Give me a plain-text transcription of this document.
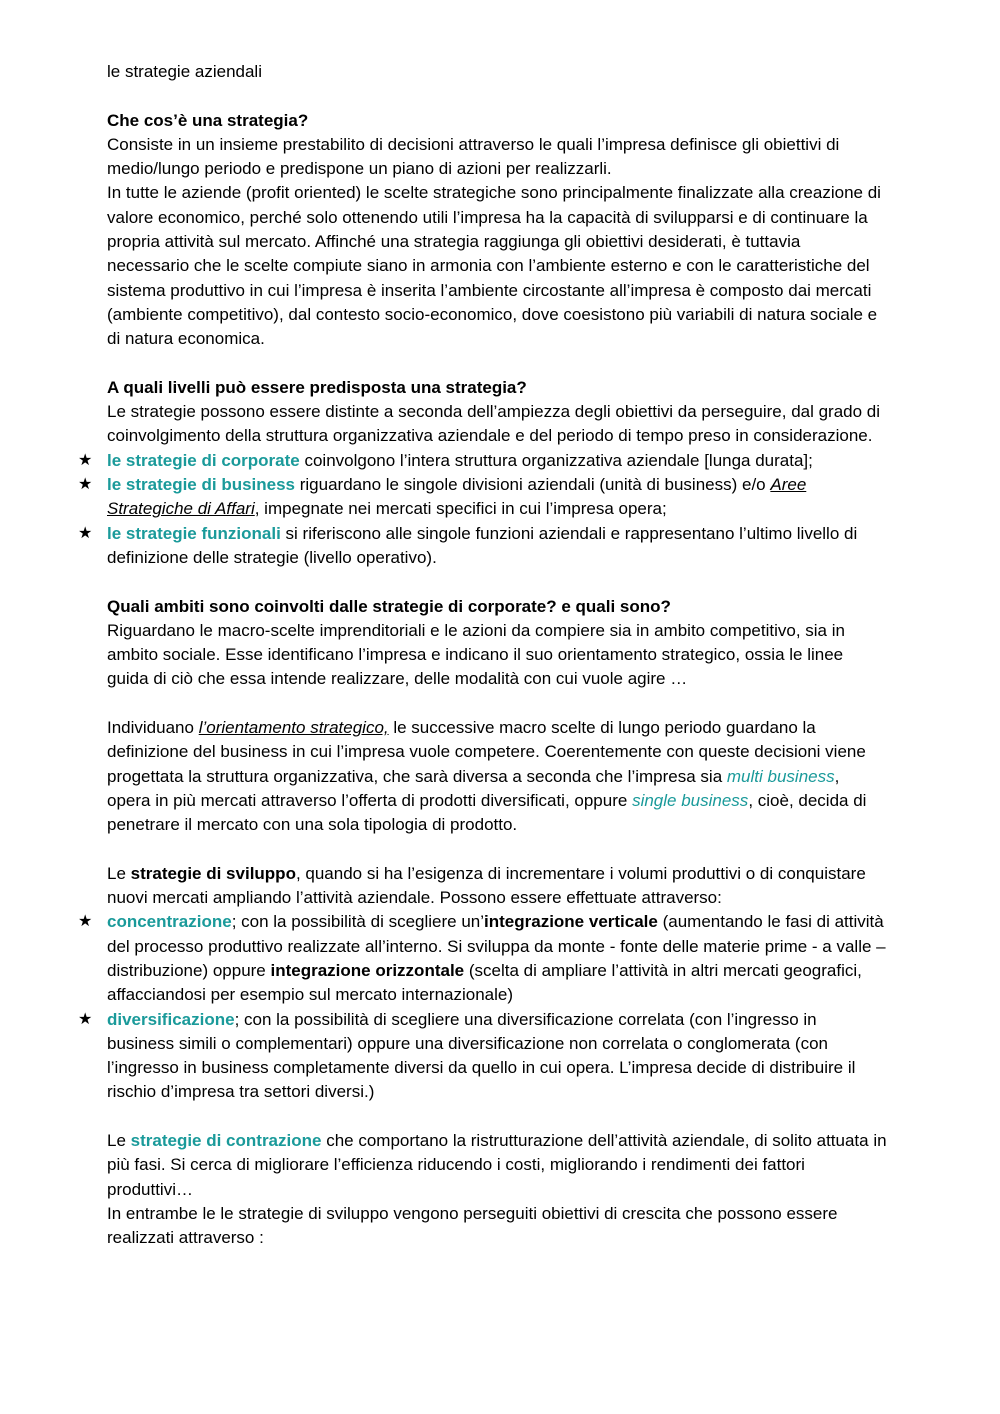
le strategie aziendali

Che cos’è una strategia?

Consiste in un insieme prestabilito di decisioni attraverso le quali l’impresa definisce gli obiettivi di medio/lungo periodo e predispone un piano di azioni per realizzarli.

In tutte le aziende (profit oriented) le scelte strategiche sono principalmente finalizzate alla creazione di valore economico, perché solo ottenendo utili l’impresa ha la capacità di svilupparsi e di continuare la propria attività sul mercato. Affinché una strategia raggiunga gli obiettivi desiderati, è tuttavia necessario che le scelte compiute siano in armonia con l’ambiente esterno e con le caratteristiche del sistema produttivo in cui l’impresa è inserita l’ambiente circostante all’impresa è composto dai mercati (ambiente competitivo), dal contesto socio-economico, dove coesistono più variabili di natura sociale e di natura economica.

A quali livelli può essere predisposta una strategia?

Le strategie possono essere distinte a seconda dell’ampiezza degli obiettivi da perseguire, dal grado di coinvolgimento della struttura organizzativa aziendale e del periodo di tempo preso in considerazione.

★ le strategie di corporate coinvolgono l’intera struttura organizzativa aziendale [lunga durata];

★ le strategie di business riguardano le singole divisioni aziendali (unità di business) e/o Aree Strategiche di Affari, impegnate nei mercati specifici in cui l’impresa opera;

★ le strategie funzionali si riferiscono alle singole funzioni aziendali e rappresentano l’ultimo livello di definizione delle strategie (livello operativo).

Quali ambiti sono coinvolti dalle strategie di corporate? e quali sono?

Riguardano le macro-scelte imprenditoriali e le azioni da compiere sia in ambito competitivo, sia in ambito sociale. Esse identificano l’impresa e indicano il suo orientamento strategico, ossia le linee guida di ciò che essa intende realizzare, delle modalità con cui vuole agire …

Individuano l’orientamento strategico, le successive macro scelte di lungo periodo guardano la definizione del business in cui l’impresa vuole competere. Coerentemente con queste decisioni viene progettata la struttura organizzativa, che sarà diversa a seconda che l’impresa sia multi business, opera in più mercati attraverso l’offerta di prodotti diversificati, oppure single business, cioè, decida di penetrare il mercato con una sola tipologia di prodotto.

Le strategie di sviluppo, quando si ha l’esigenza di incrementare i volumi produttivi o di conquistare nuovi mercati ampliando l’attività aziendale. Possono essere effettuate attraverso:

★ concentrazione; con la possibilità di scegliere un’integrazione verticale (aumentando le fasi di attività del processo produttivo realizzate all’interno. Si sviluppa da monte - fonte delle materie prime - a valle – distribuzione) oppure integrazione orizzontale (scelta di ampliare l’attività in altri mercati geografici, affacciandosi per esempio sul mercato internazionale)

★ diversificazione; con la possibilità di scegliere una diversificazione correlata (con l’ingresso in business simili o complementari) oppure una diversificazione non correlata o conglomerata (con l’ingresso in business completamente diversi da quello in cui opera. L’impresa decide di distribuire il rischio d’impresa tra settori diversi.)

Le strategie di contrazione che comportano la ristrutturazione dell’attività aziendale, di solito attuata in più fasi. Si cerca di migliorare l’efficienza riducendo i costi, migliorando i rendimenti dei fattori produttivi…

In entrambe le le strategie di sviluppo vengono perseguiti obiettivi di crescita che possono essere realizzati attraverso :
